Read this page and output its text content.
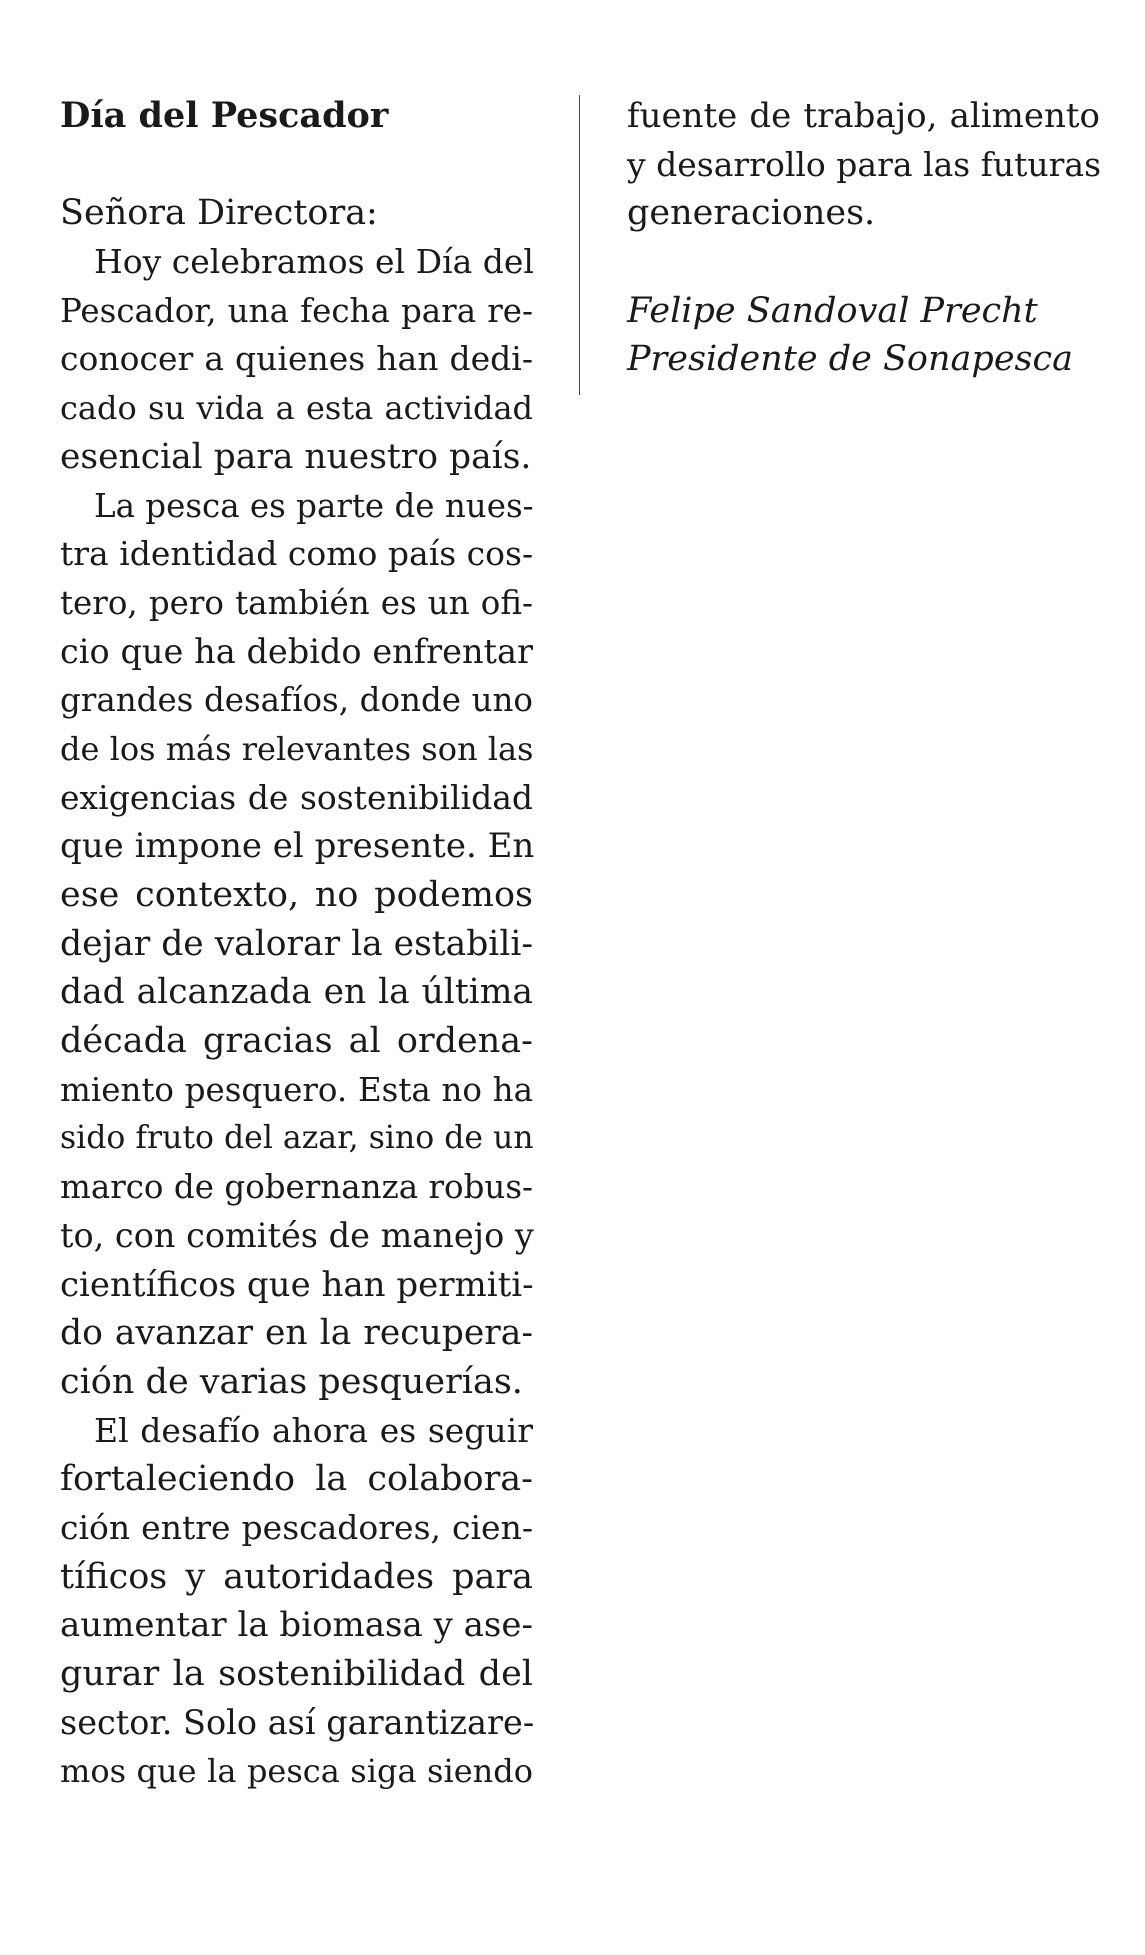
Día del Pescador
Señora Directora:
Hoy celebramos el Día del
Pescador, una fecha para re-
conocer a quienes han dedi-
cado su vida a esta actividad
esencial para nuestro país.
La pesca es parte de nues-
tra identidad como país cos-
tero, pero también es un ofi-
cio que ha debido enfrentar
grandes desafíos, donde uno
de los más relevantes son las
exigencias de sostenibilidad
que impone el presente. En
ese contexto, no podemos
dejar de valorar la estabili-
dad alcanzada en la última
década gracias al ordena-
miento pesquero. Esta no ha
sido fruto del azar, sino de un
marco de gobernanza robus-
to, con comités de manejo y
científicos que han permiti-
do avanzar en la recupera-
ción de varias pesquerías.
El desafío ahora es seguir
fortaleciendo la colabora-
ción entre pescadores, cien-
tíficos y autoridades para
aumentar la biomasa y ase-
gurar la sostenibilidad del
sector. Solo así garantizare-
mos que la pesca siga siendo
fuente de trabajo, alimento
y desarrollo para las futuras
generaciones.
Felipe Sandoval Precht
Presidente de Sonapesca
